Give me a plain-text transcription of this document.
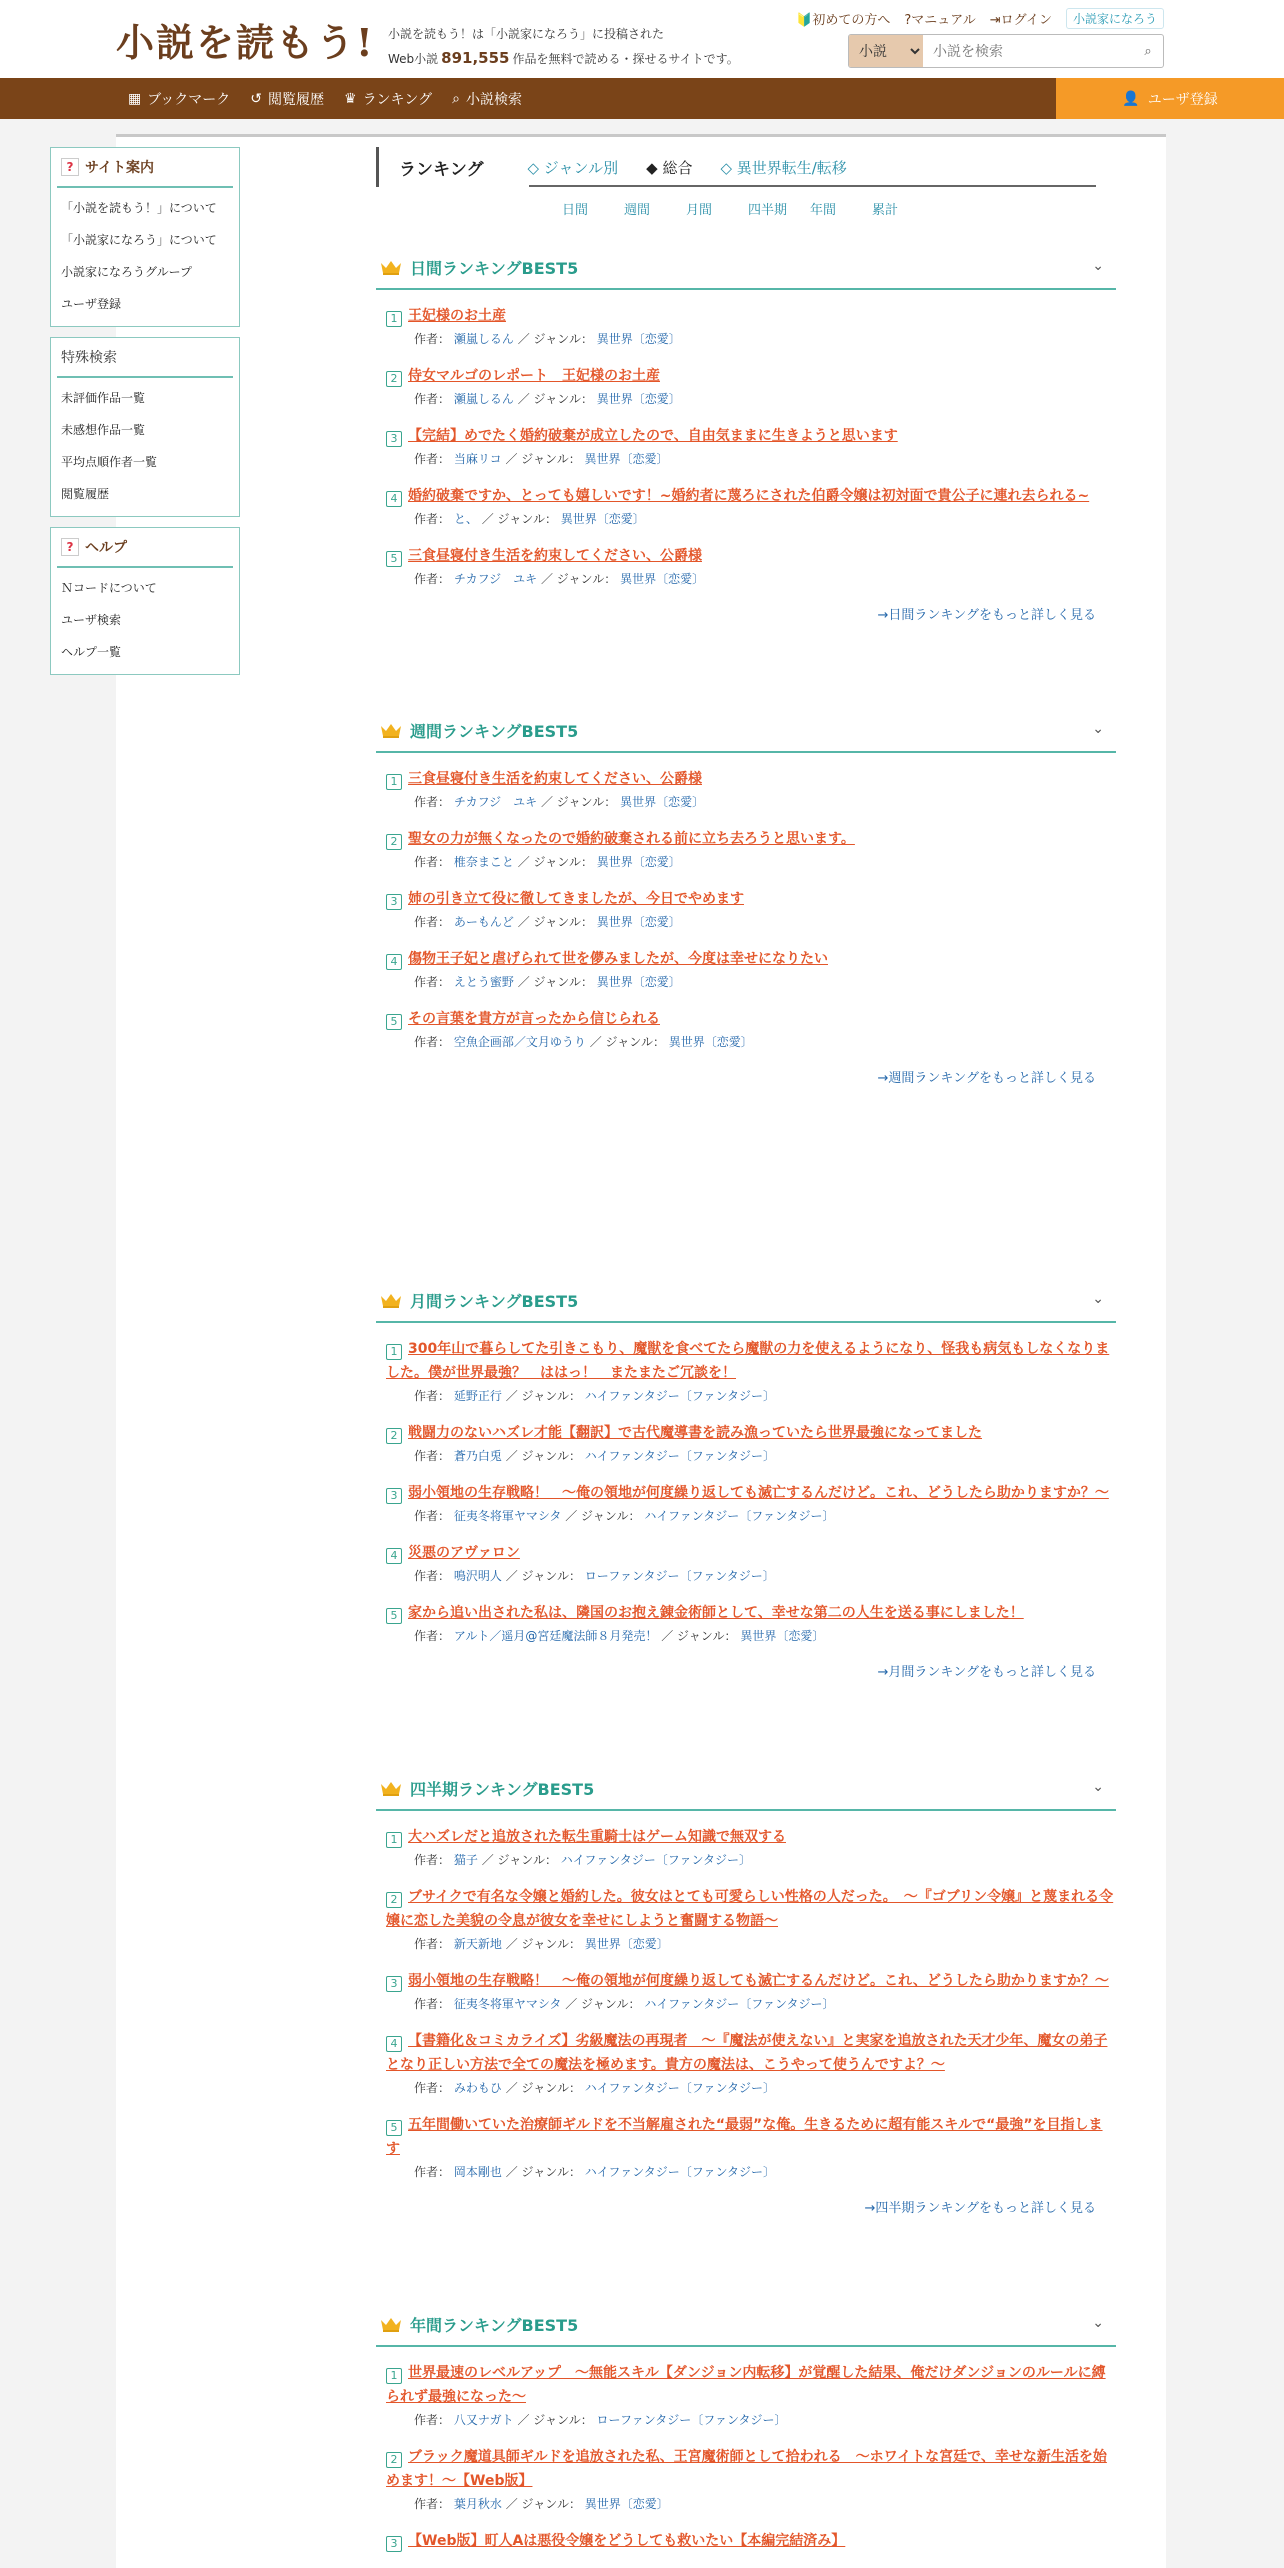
小説を読もう! 小説を読もう！は「小説家になろう」に投稿された
Web小説 891,555 作品を無料で読める・探せるサイトです。
🔰初めての方へ ?マニュアル ⇥ログイン	小説家になろう
小説
小説を検索
⌕
▦ ブックマーク ↺ 閲覧履歴 ♛ ランキング ⌕ 小説検索	👤 ユーザ登録
? サイト案内
「小説を読もう！」について
「小説家になろう」について
小説家になろうグループ
ユーザ登録
特殊検索
未評価作品一覧
未感想作品一覧
平均点順作者一覧
閲覧履歴
? ヘルプ
Ｎコードについて
ユーザ検索
ヘルプ一覧
ランキング	◇ ジャンル別 ◆ 総合 ◇ 異世界転生/転移
日間	週間	月間	四半期	年間	累計
日間ランキングBEST5	⌄
1 王妃様のお土産
作者： 瀬嵐しるん ／ ジャンル： 異世界〔恋愛〕
2 侍女マルゴのレポート　王妃様のお土産
作者： 瀬嵐しるん ／ ジャンル： 異世界〔恋愛〕
3 【完結】めでたく婚約破棄が成立したので、自由気ままに生きようと思います
作者： 当麻リコ ／ ジャンル： 異世界〔恋愛〕
4 婚約破棄ですか、とっても嬉しいです！~婚約者に蔑ろにされた伯爵令嬢は初対面で貴公子に連れ去られる~
作者： と、 ／ ジャンル： 異世界〔恋愛〕
5 三食昼寝付き生活を約束してください、公爵様
作者： チカフジ　ユキ ／ ジャンル： 異世界〔恋愛〕
→日間ランキングをもっと詳しく見る
週間ランキングBEST5	⌄
1 三食昼寝付き生活を約束してください、公爵様
作者： チカフジ　ユキ ／ ジャンル： 異世界〔恋愛〕
2 聖女の力が無くなったので婚約破棄される前に立ち去ろうと思います。
作者： 椎奈まこと ／ ジャンル： 異世界〔恋愛〕
3 姉の引き立て役に徹してきましたが、今日でやめます
作者： あーもんど ／ ジャンル： 異世界〔恋愛〕
4 傷物王子妃と虐げられて世を儚みましたが、今度は幸せになりたい
作者： えとう蜜野 ／ ジャンル： 異世界〔恋愛〕
5 その言葉を貴方が言ったから信じられる
作者： 空魚企画部／文月ゆうり ／ ジャンル： 異世界〔恋愛〕
→週間ランキングをもっと詳しく見る
月間ランキングBEST5	⌄
1 300年山で暮らしてた引きこもり、魔獣を食べてたら魔獣の力を使えるようになり、怪我も病気もしなくなりました。僕が世界最強？　ははっ！　またまたご冗談を！
作者： 延野正行 ／ ジャンル： ハイファンタジー〔ファンタジー〕
2 戦闘力のないハズレ才能【翻訳】で古代魔導書を読み漁っていたら世界最強になってました
作者： 蒼乃白兎 ／ ジャンル： ハイファンタジー〔ファンタジー〕
3 弱小領地の生存戦略！　～俺の領地が何度繰り返しても滅亡するんだけど。これ、どうしたら助かりますか？～
作者： 征夷冬将軍ヤマシタ ／ ジャンル： ハイファンタジー〔ファンタジー〕
4 災悪のアヴァロン
作者： 鳴沢明人 ／ ジャンル： ローファンタジー〔ファンタジー〕
5 家から追い出された私は、隣国のお抱え錬金術師として、幸せな第二の人生を送る事にしました！
作者： アルト／遥月@宮廷魔法師８月発売！ ／ ジャンル： 異世界〔恋愛〕
→月間ランキングをもっと詳しく見る
四半期ランキングBEST5	⌄
1 大ハズレだと追放された転生重騎士はゲーム知識で無双する
作者： 猫子 ／ ジャンル： ハイファンタジー〔ファンタジー〕
2 ブサイクで有名な令嬢と婚約した。彼女はとても可愛らしい性格の人だった。　～『ゴブリン令嬢』と蔑まれる令嬢に恋した美貌の令息が彼女を幸せにしようと奮闘する物語～
作者： 新天新地 ／ ジャンル： 異世界〔恋愛〕
3 弱小領地の生存戦略！　～俺の領地が何度繰り返しても滅亡するんだけど。これ、どうしたら助かりますか？～
作者： 征夷冬将軍ヤマシタ ／ ジャンル： ハイファンタジー〔ファンタジー〕
4 【書籍化＆コミカライズ】劣級魔法の再現者　～『魔法が使えない』と実家を追放された天才少年、魔女の弟子となり正しい方法で全ての魔法を極めます。貴方の魔法は、こうやって使うんですよ？～
作者： みわもひ ／ ジャンル： ハイファンタジー〔ファンタジー〕
5 五年間働いていた治療師ギルドを不当解雇された“最弱”な俺。生きるために超有能スキルで“最強”を目指します
作者： 岡本剛也 ／ ジャンル： ハイファンタジー〔ファンタジー〕
→四半期ランキングをもっと詳しく見る
年間ランキングBEST5	⌄
1 世界最速のレベルアップ　～無能スキル【ダンジョン内転移】が覚醒した結果、俺だけダンジョンのルールに縛られず最強になった～
作者： 八又ナガト ／ ジャンル： ローファンタジー〔ファンタジー〕
2 ブラック魔道具師ギルドを追放された私、王宮魔術師として拾われる　～ホワイトな宮廷で、幸せな新生活を始めます！～【Web版】
作者： 葉月秋水 ／ ジャンル： 異世界〔恋愛〕
3 【Web版】町人Aは悪役令嬢をどうしても救いたい【本編完結済み】
